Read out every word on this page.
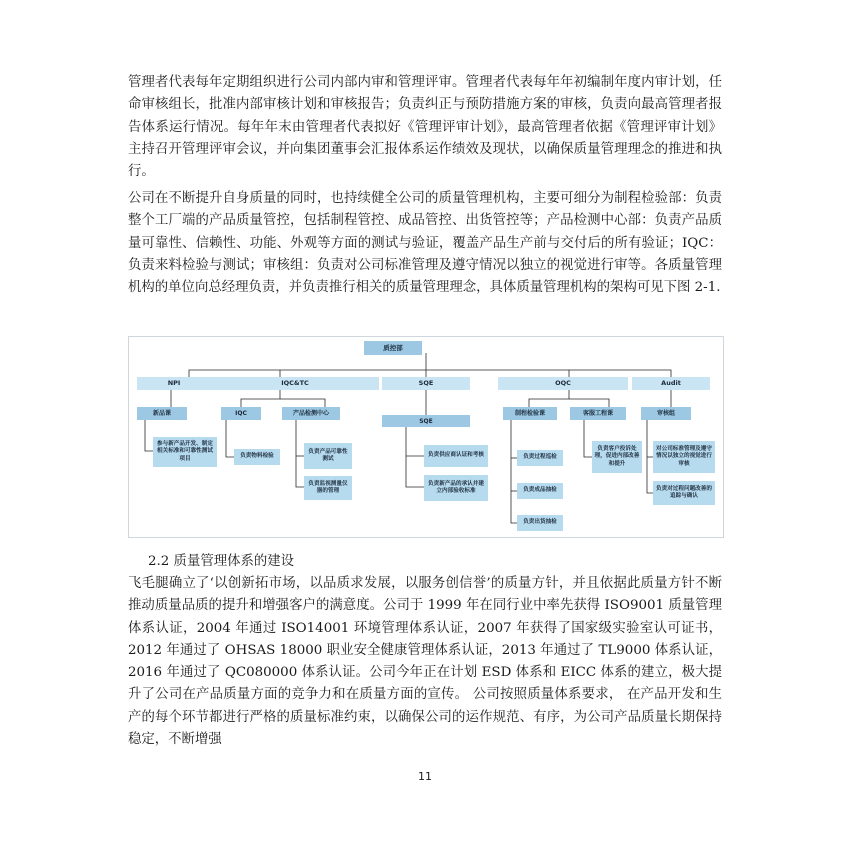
管理者代表每年定期组织进行公司内部内审和管理评审。管理者代表每年年初编制年度内审计划，任命审核组长，批准内部审核计划和审核报告；负责纠正与预防措施方案的审核，负责向最高管理者报告体系运行情况。每年年末由管理者代表拟好《管理评审计划》，最高管理者依据《管理评审计划》 主持召开管理评审会议，并向集团董事会汇报体系运作绩效及现状，以确保质量管理理念的推进和执行。

公司在不断提升自身质量的同时，也持续健全公司的质量管理机构，主要可细分为制程检验部：负责整个工厂端的产品质量管控，包括制程管控、成品管控、出货管控等；产品检测中心部：负责产品质量可靠性、信赖性、功能、外观等方面的测试与验证，覆盖产品生产前与交付后的所有验证；IQC：负责来料检验与测试；审核组：负责对公司标准管理及遵守情况以独立的视觉进行审等。各质量管理机构的单位向总经理负责，并负责推行相关的质量管理理念，具体质量管理机构的架构可见下图 2-1.

质控部
NPI	IQC&TC	SQE	OQC	Audit
新品课	IQC	产品检测中心
SQE
制程检验课	客服工程课	审核组
参与新产品开发、制定相关标准和可靠性测试项目	负责物料检验
负责产品可靠性测试
负责监视测量仪器的管理
负责供应商认证和考核
负责新产品的承认并建立内部验收标准
负责过程巡检
负责成品抽检
负责出货抽检
负责客户投诉处理，促进内部改善和提升
对公司标准管理及遵守情况以独立的视觉进行审核
负责对过程问题改善的追踪与确认

2.2 质量管理体系的建设

飞毛腿确立了‘以创新拓市场，以品质求发展，以服务创信誉’的质量方针，并且依据此质量方针不断推动质量品质的提升和增强客户的满意度。公司于 1999 年在同行业中率先获得 ISO9001 质量管理体系认证，2004 年通过 ISO14001 环境管理体系认证，2007 年获得了国家级实验室认可证书，2012 年通过了 OHSAS 18000 职业安全健康管理体系认证，2013 年通过了 TL9000 体系认证， 2016 年通过了 QC080000 体系认证。公司今年正在计划 ESD 体系和 EICC 体系的建立，极大提升了公司在产品质量方面的竞争力和在质量方面的宣传。 公司按照质量体系要求， 在产品开发和生产的每个环节都进行严格的质量标准约束，以确保公司的运作规范、有序，为公司产品质量长期保持稳定，不断增强

11
